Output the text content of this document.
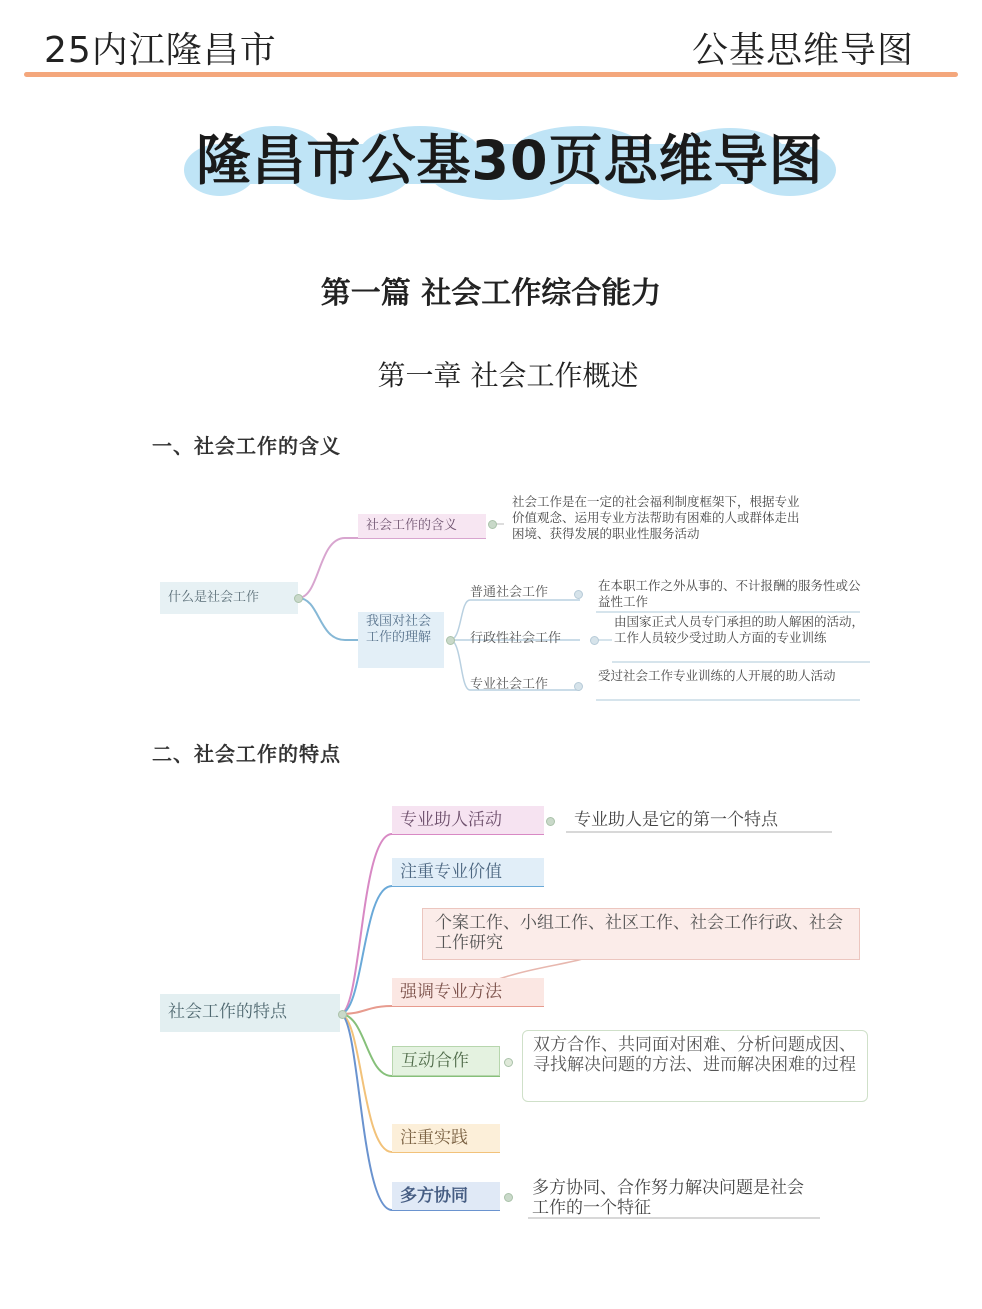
25内江隆昌市	公基思维导图
隆昌市公基30页思维导图
第一篇 社会工作综合能力
第一章 社会工作概述
一、社会工作的含义
什么是社会工作
社会工作的含义
社会工作是在一定的社会福利制度框架下，根据专业价值观念、运用专业方法帮助有困难的人或群体走出困境、获得发展的职业性服务活动
我国对社会工作的理解
普通社会工作	在本职工作之外从事的、不计报酬的服务性或公益性工作
行政性社会工作
由国家正式人员专门承担的助人解困的活动，工作人员较少受过助人方面的专业训练
专业社会工作
受过社会工作专业训练的人开展的助人活动
二、社会工作的特点
专业助人活动	专业助人是它的第一个特点
注重专业价值
个案工作、小组工作、社区工作、社会工作行政、社会工作研究
强调专业方法
互动合作
双方合作、共同面对困难、分析问题成因、寻找解决问题的方法、进而解决困难的过程
注重实践
多方协同	多方协同、合作努力解决问题是社会工作的一个特征
社会工作的特点
